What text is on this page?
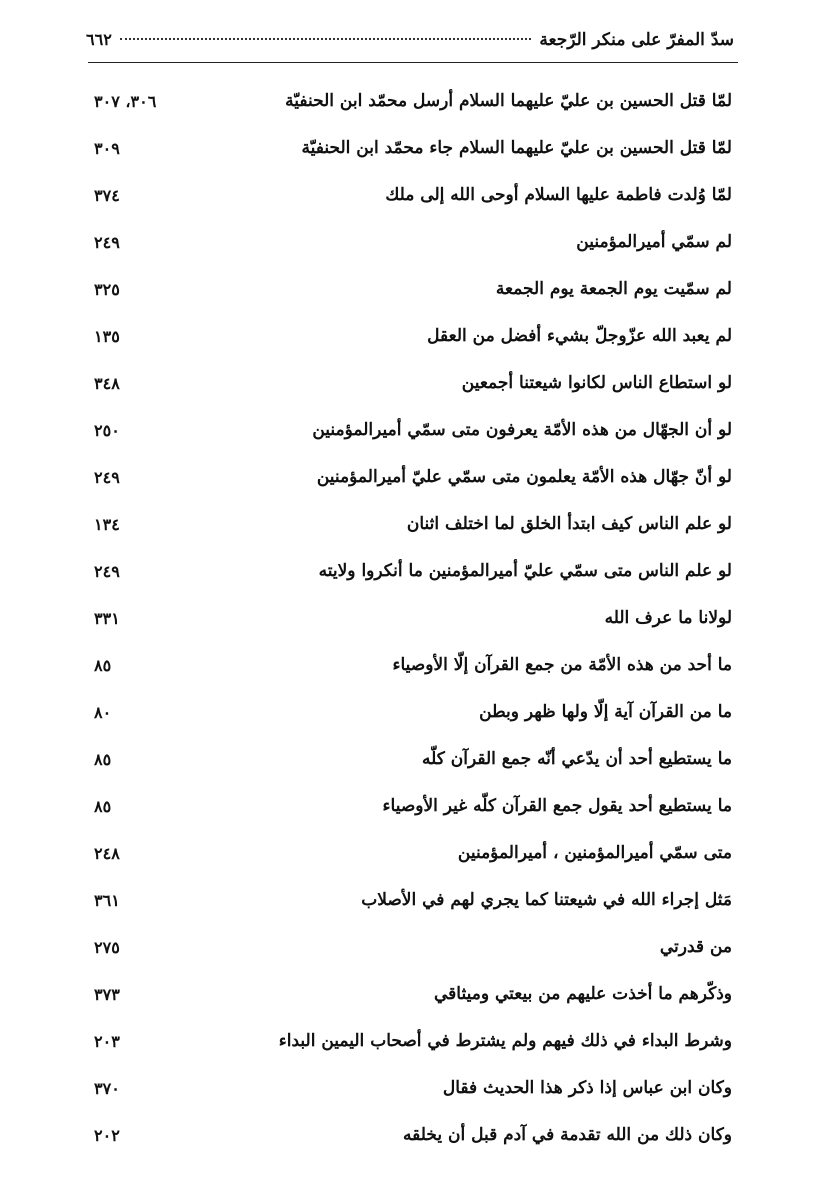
سدّ المفرّ على منكر الرّجعة
٦٦٢
لمّا قتل الحسين بن عليّ عليهما السلام أرسل محمّد ابن الحنفيّة
٣٠٦، ٣٠٧
لمّا قتل الحسين بن عليّ عليهما السلام جاء محمّد ابن الحنفيّة
٣٠٩
لمّا وُلدت فاطمة عليها السلام أوحى الله إلى ملك
٣٧٤
لم سمّي أميرالمؤمنين
٢٤٩
لم سمّيت يوم الجمعة يوم الجمعة
٣٢٥
لم يعبد الله عزّوجلّ بشيء أفضل من العقل
١٣٥
لو استطاع الناس لكانوا شيعتنا أجمعين
٣٤٨
لو أن الجهّال من هذه الأمّة يعرفون متى سمّي أميرالمؤمنين
٢٥٠
لو أنّ جهّال هذه الأمّة يعلمون متى سمّي عليّ أميرالمؤمنين
٢٤٩
لو علم الناس كيف ابتدأ الخلق لما اختلف اثنان
١٣٤
لو علم الناس متى سمّي عليّ أميرالمؤمنين ما أنكروا ولايته
٢٤٩
لولانا ما عرف الله
٣٣١
ما أحد من هذه الأمّة من جمع القرآن إلّا الأوصياء
٨٥
ما من القرآن آية إلّا ولها ظهر وبطن
٨٠
ما يستطيع أحد أن يدّعي أنّه جمع القرآن كلّه
٨٥
ما يستطيع أحد يقول جمع القرآن كلّه غير الأوصياء
٨٥
متى سمّي أميرالمؤمنين ، أميرالمؤمنين
٢٤٨
مَثل إجراء الله في شيعتنا كما يجري لهم في الأصلاب
٣٦١
من قدرتي
٢٧٥
وذكّرهم ما أخذت عليهم من بيعتي وميثاقي
٣٧٣
وشرط البداء في ذلك فيهم ولم يشترط في أصحاب اليمين البداء
٢٠٣
وكان ابن عباس إذا ذكر هذا الحديث فقال
٣٧٠
وكان ذلك من الله تقدمة في آدم قبل أن يخلقه
٢٠٢
